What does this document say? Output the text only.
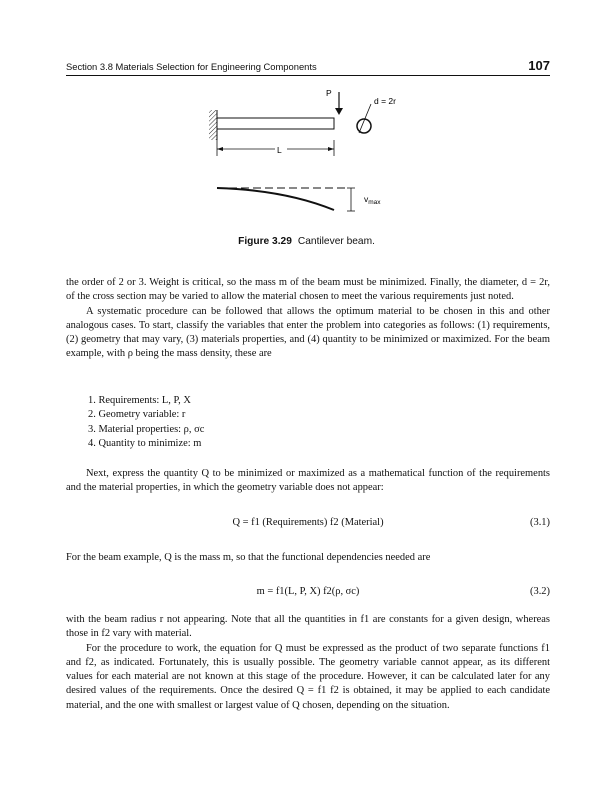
Section 3.8 Materials Selection for Engineering Components	107
P
d = 2r
L
$v_{max}$
Figure 3.29 Cantilever beam.

the order of 2 or 3. Weight is critical, so the mass m of the beam must be minimized. Finally, the diameter, d = 2r, of the cross section may be varied to allow the material chosen to meet the various requirements just noted.

A systematic procedure can be followed that allows the optimum material to be chosen in this and other analogous cases. To start, classify the variables that enter the problem into categories as follows: (1) requirements, (2) geometry that may vary, (3) materials properties, and (4) quantity to be minimized or maximized. For the beam example, with ρ being the mass density, these are

1. Requirements: L, P, X
2. Geometry variable: r
3. Material properties: ρ, σc
4. Quantity to minimize: m

Next, express the quantity Q to be minimized or maximized as a mathematical function of the requirements and the material properties, in which the geometry variable does not appear:

Q = f1 (Requirements) f2 (Material)	(3.1)

For the beam example, Q is the mass m, so that the functional dependencies needed are

m = f1(L, P, X) f2(ρ, σc)	(3.2)

with the beam radius r not appearing. Note that all the quantities in f1 are constants for a given design, whereas those in f2 vary with material.

For the procedure to work, the equation for Q must be expressed as the product of two separate functions f1 and f2, as indicated. Fortunately, this is usually possible. The geometry variable cannot appear, as its different values for each material are not known at this stage of the procedure. However, it can be calculated later for any desired values of the requirements. Once the desired Q = f1 f2 is obtained, it may be applied to each candidate material, and the one with smallest or largest value of Q chosen, depending on the situation.
